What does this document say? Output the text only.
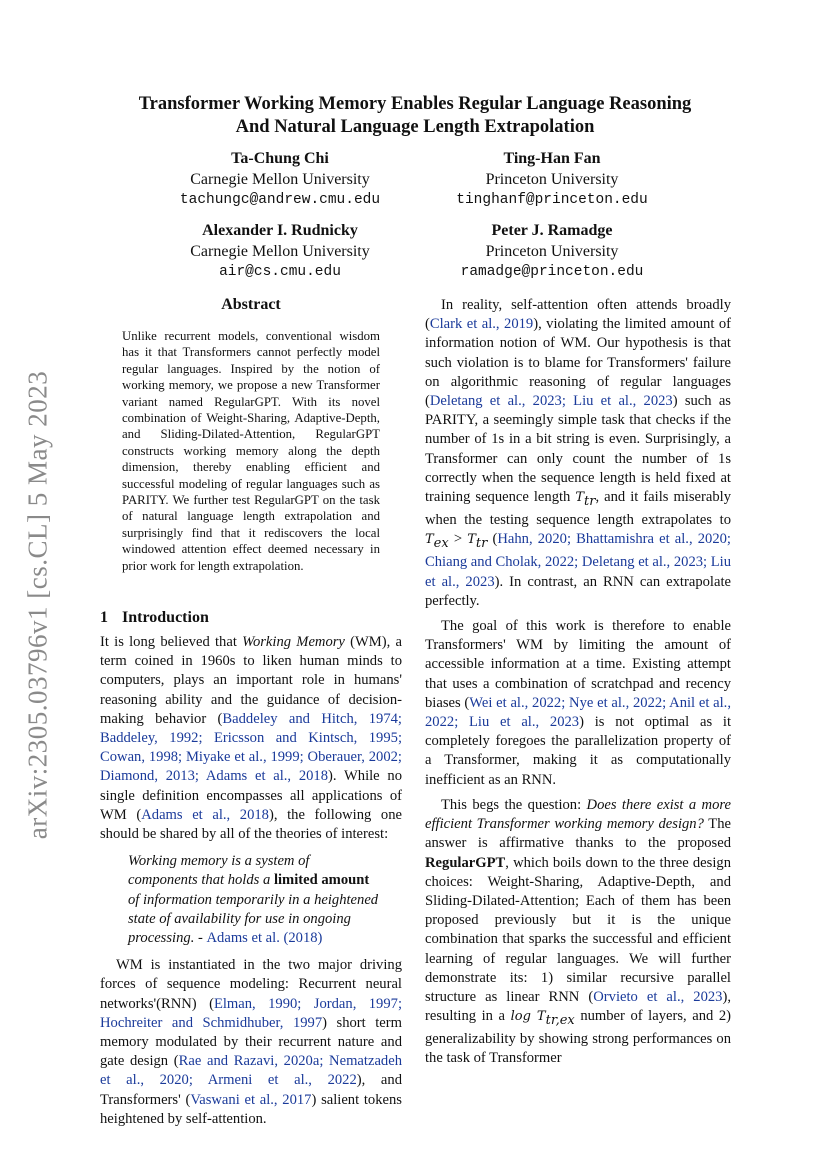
arXiv:2305.03796v1 [cs.CL] 5 May 2023
Transformer Working Memory Enables Regular Language Reasoning
And Natural Language Length Extrapolation
Ta-Chung Chi
Carnegie Mellon University
tachungc@andrew.cmu.edu
Ting-Han Fan
Princeton University
tinghanf@princeton.edu
Alexander I. Rudnicky
Carnegie Mellon University
air@cs.cmu.edu
Peter J. Ramadge
Princeton University
ramadge@princeton.edu
Abstract
Unlike recurrent models, conventional wisdom has it that Transformers cannot perfectly model regular languages. Inspired by the notion of working memory, we propose a new Transformer variant named RegularGPT. With its novel combination of Weight-Sharing, Adaptive-Depth, and Sliding-Dilated-Attention, RegularGPT constructs working memory along the depth dimension, thereby enabling efficient and successful modeling of regular languages such as PARITY. We further test RegularGPT on the task of natural language length extrapolation and surprisingly find that it rediscovers the local windowed attention effect deemed necessary in prior work for length extrapolation.
1 Introduction

It is long believed that Working Memory (WM), a term coined in 1960s to liken human minds to computers, plays an important role in humans' reasoning ability and the guidance of decision-making behavior (Baddeley and Hitch, 1974; Baddeley, 1992; Ericsson and Kintsch, 1995; Cowan, 1998; Miyake et al., 1999; Oberauer, 2002; Diamond, 2013; Adams et al., 2018). While no single definition encompasses all applications of WM (Adams et al., 2018), the following one should be shared by all of the theories of interest:

Working memory is a system of components that holds a limited amount of information temporarily in a heightened state of availability for use in ongoing processing. - Adams et al. (2018)

WM is instantiated in the two major driving forces of sequence modeling: Recurrent neural networks'(RNN) (Elman, 1990; Jordan, 1997; Hochreiter and Schmidhuber, 1997) short term memory modulated by their recurrent nature and gate design (Rae and Razavi, 2020a; Nematzadeh et al., 2020; Armeni et al., 2022), and Transformers' (Vaswani et al., 2017) salient tokens heightened by self-attention.

In reality, self-attention often attends broadly (Clark et al., 2019), violating the limited amount of information notion of WM. Our hypothesis is that such violation is to blame for Transformers' failure on algorithmic reasoning of regular languages (Deletang et al., 2023; Liu et al., 2023) such as PARITY, a seemingly simple task that checks if the number of 1s in a bit string is even. Surprisingly, a Transformer can only count the number of 1s correctly when the sequence length is held fixed at training sequence length $T_{tr}$, and it fails miserably when the testing sequence length extrapolates to $T_{ex} > T_{tr}$ (Hahn, 2020; Bhattamishra et al., 2020; Chiang and Cholak, 2022; Deletang et al., 2023; Liu et al., 2023). In contrast, an RNN can extrapolate perfectly.

The goal of this work is therefore to enable Transformers' WM by limiting the amount of accessible information at a time. Existing attempt that uses a combination of scratchpad and recency biases (Wei et al., 2022; Nye et al., 2022; Anil et al., 2022; Liu et al., 2023) is not optimal as it completely foregoes the parallelization property of a Transformer, making it as computationally inefficient as an RNN.

This begs the question: Does there exist a more efficient Transformer working memory design? The answer is affirmative thanks to the proposed RegularGPT, which boils down to the three design choices: Weight-Sharing, Adaptive-Depth, and Sliding-Dilated-Attention; Each of them has been proposed previously but it is the unique combination that sparks the successful and efficient learning of regular languages. We will further demonstrate its: 1) similar recursive parallel structure as linear RNN (Orvieto et al., 2023), resulting in a $\log T_{tr,ex}$ number of layers, and 2) generalizability by showing strong performances on the task of Transformer
